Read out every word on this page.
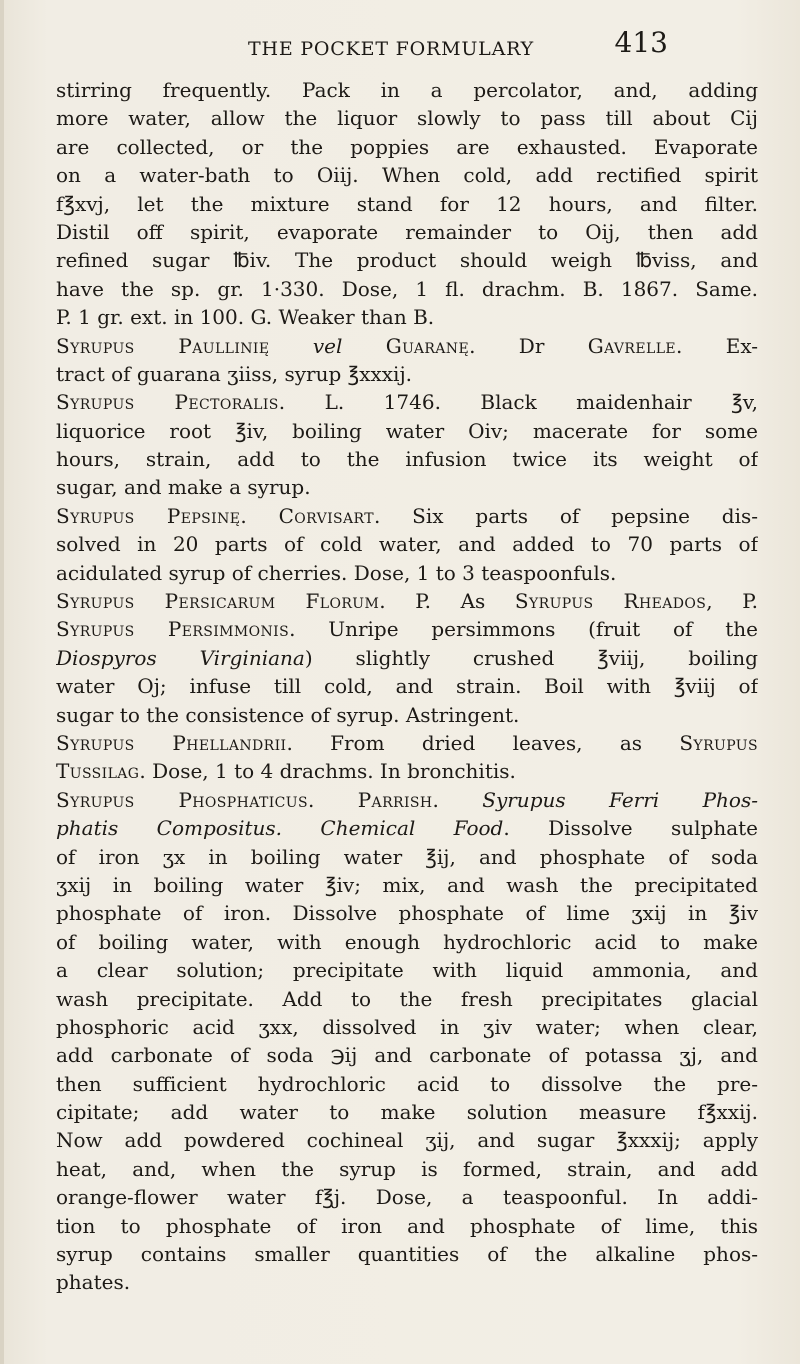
THE POCKET FORMULARY	413
stirring frequently. Pack in a percolator, and, adding
more water, allow the liquor slowly to pass till about Cij
are collected, or the poppies are exhausted. Evaporate
on a water-bath to Oiij. When cold, add rectified spirit
f℥xvj, let the mixture stand for 12 hours, and filter.
Distil off spirit, evaporate remainder to Oij, then add
refined sugar ℔iv. The product should weigh ℔viss, and
have the sp. gr. 1·330. Dose, 1 fl. drachm. B. 1867. Same.
P. 1 gr. ext. in 100. G. Weaker than B.
Syrupus Paullinię vel Guaranę. Dr Gavrelle. Ex-
tract of guarana ʒiiss, syrup ℥xxxij.
Syrupus Pectoralis. L. 1746. Black maidenhair ℥v,
liquorice root ℥iv, boiling water Oiv; macerate for some
hours, strain, add to the infusion twice its weight of
sugar, and make a syrup.
Syrupus Pepsinę. Corvisart. Six parts of pepsine dis-
solved in 20 parts of cold water, and added to 70 parts of
acidulated syrup of cherries. Dose, 1 to 3 teaspoonfuls.
Syrupus Persicarum Florum. P. As Syrupus Rheados, P.
Syrupus Persimmonis. Unripe persimmons (fruit of the
Diospyros Virginiana) slightly crushed ℥viij, boiling
water Oj; infuse till cold, and strain. Boil with ℥viij of
sugar to the consistence of syrup. Astringent.
Syrupus Phellandrii. From dried leaves, as Syrupus
Tussilag. Dose, 1 to 4 drachms. In bronchitis.
Syrupus Phosphaticus. Parrish. Syrupus Ferri Phos-
phatis Compositus. Chemical Food. Dissolve sulphate
of iron ʒx in boiling water ℥ij, and phosphate of soda
ʒxij in boiling water ℥iv; mix, and wash the precipitated
phosphate of iron. Dissolve phosphate of lime ʒxij in ℥iv
of boiling water, with enough hydrochloric acid to make
a clear solution; precipitate with liquid ammonia, and
wash precipitate. Add to the fresh precipitates glacial
phosphoric acid ʒxx, dissolved in ʒiv water; when clear,
add carbonate of soda ℈ij and carbonate of potassa ʒj, and
then sufficient hydrochloric acid to dissolve the pre-
cipitate; add water to make solution measure f℥xxij.
Now add powdered cochineal ʒij, and sugar ℥xxxij; apply
heat, and, when the syrup is formed, strain, and add
orange-flower water f℥j. Dose, a teaspoonful. In addi-
tion to phosphate of iron and phosphate of lime, this
syrup contains smaller quantities of the alkaline phos-
phates.
